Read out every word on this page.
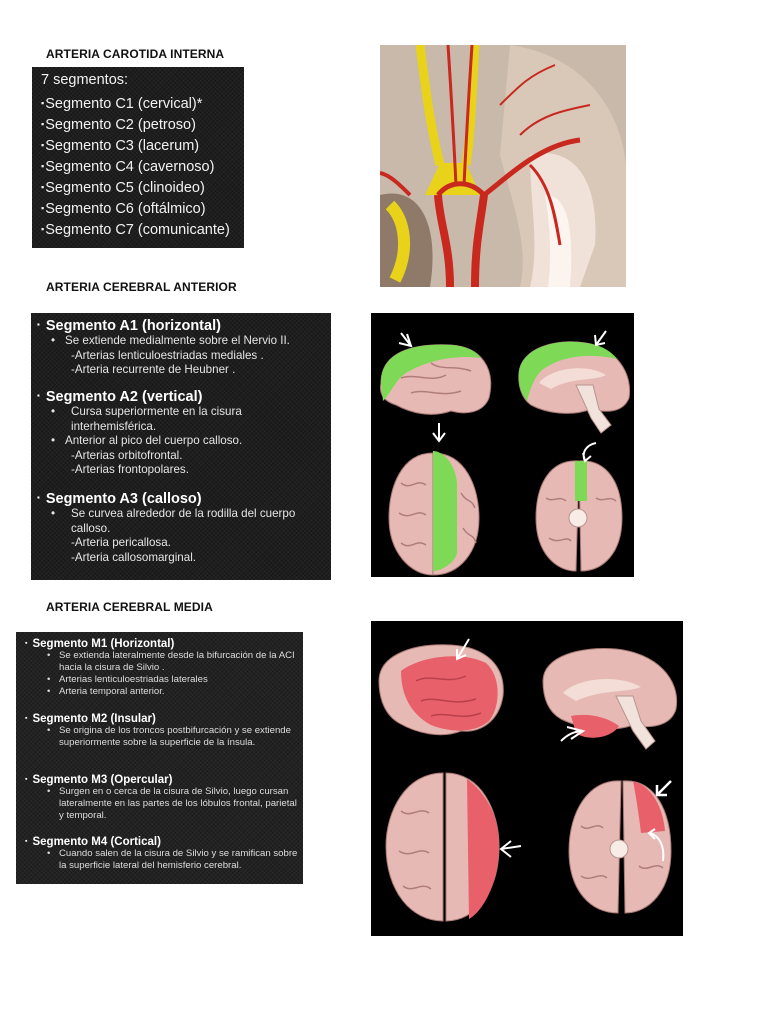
ARTERIA CAROTIDA INTERNA
7 segmentos:
▪Segmento C1 (cervical)*
▪Segmento C2 (petroso)
▪Segmento C3 (lacerum)
▪Segmento C4 (cavernoso)
▪Segmento C5 (clinoideo)
▪Segmento C6 (oftálmico)
▪Segmento C7 (comunicante)
ARTERIA CEREBRAL ANTERIOR
▪ Segmento A1 (horizontal)
• Se extiende medialmente sobre el Nervio II.
-Arterias lenticuloestriadas mediales .
-Arteria recurrente de Heubner .
▪ Segmento A2 (vertical)
• Cursa superiormente en la cisura interhemisférica.
• Anterior al pico del cuerpo calloso.
-Arterias orbitofrontal.
-Arterias frontopolares.
▪ Segmento A3 (calloso)
• Se curvea alrededor de la rodilla del cuerpo calloso.
-Arteria pericallosa.
-Arteria callosomarginal.
ARTERIA CEREBRAL MEDIA
▪ Segmento M1 (Horizontal)
• Se extienda lateralmente desde la bifurcación de la ACI hacia la cisura de Silvio .
• Arterias lenticuloestriadas laterales
• Arteria temporal anterior.
▪ Segmento M2 (Insular)
• Se origina de los troncos postbifurcación y se extiende superiormente sobre la superficie de la ínsula.
▪ Segmento M3 (Opercular)
• Surgen en o cerca de la cisura de Silvio, luego cursan lateralmente en las partes de los lóbulos frontal, parietal y temporal.
▪ Segmento M4 (Cortical)
• Cuando salen de la cisura de Silvio y se ramifican sobre la superficie lateral del hemisferio cerebral.
